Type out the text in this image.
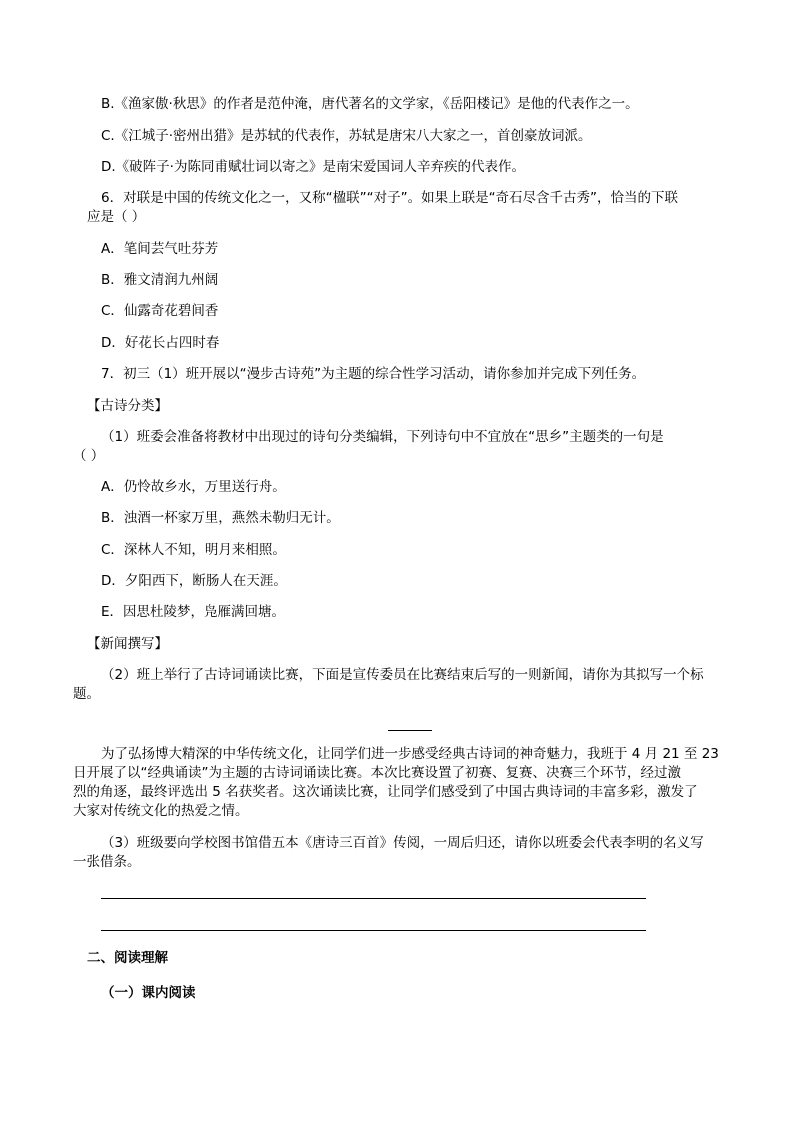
B.《渔家傲·秋思》的作者是范仲淹，唐代著名的文学家，《岳阳楼记》是他的代表作之一。
C.《江城子·密州出猎》是苏轼的代表作，苏轼是唐宋八大家之一，首创豪放词派。
D.《破阵子·为陈同甫赋壮词以寄之》是南宋爱国词人辛弃疾的代表作。
6．对联是中国的传统文化之一，又称“楹联”“对子”。如果上联是“奇石尽含千古秀”，恰当的下联
应是（ ）
A．笔间芸气吐芬芳
B．雅文清润九州阔
C．仙露奇花碧间香
D．好花长占四时春
7．初三（1）班开展以“漫步古诗苑”为主题的综合性学习活动，请你参加并完成下列任务。
【古诗分类】
（1）班委会准备将教材中出现过的诗句分类编辑，下列诗句中不宜放在“思乡”主题类的一句是
（ ）
A．仍怜故乡水，万里送行舟。
B．浊酒一杯家万里，燕然未勒归无计。
C．深林人不知，明月来相照。
D．夕阳西下，断肠人在天涯。
E．因思杜陵梦，凫雁满回塘。
【新闻撰写】
（2）班上举行了古诗词诵读比赛，下面是宣传委员在比赛结束后写的一则新闻，请你为其拟写一个标
题。
为了弘扬博大精深的中华传统文化，让同学们进一步感受经典古诗词的神奇魅力，我班于 4 月 21 至 23
日开展了以“经典诵读”为主题的古诗词诵读比赛。本次比赛设置了初赛、复赛、决赛三个环节，经过激
烈的角逐，最终评选出 5 名获奖者。这次诵读比赛，让同学们感受到了中国古典诗词的丰富多彩，激发了
大家对传统文化的热爱之情。
（3）班级要向学校图书馆借五本《唐诗三百首》传阅，一周后归还，请你以班委会代表李明的名义写
一张借条。
二、阅读理解
（一）课内阅读
